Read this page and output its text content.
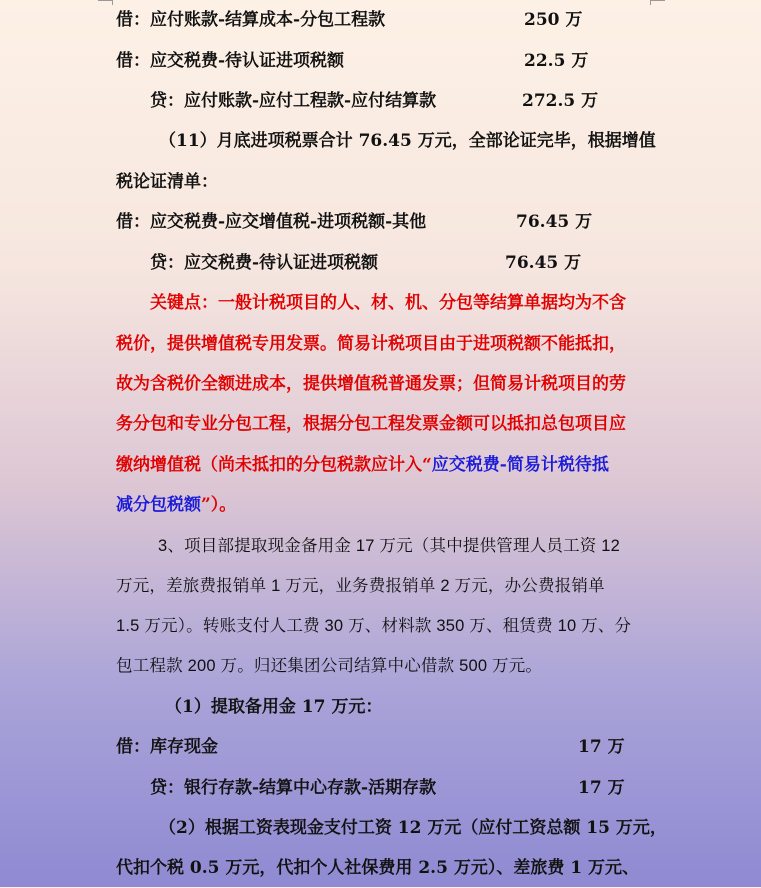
借：应付账款-结算成本-分包工程款	250 万
借：应交税费-待认证进项税额	22.5 万
贷：应付账款-应付工程款-应付结算款	272.5 万
（11）月底进项税票合计 76.45 万元，全部论证完毕，根据增值
税论证清单：
借：应交税费-应交增值税-进项税额-其他	76.45 万
贷：应交税费-待认证进项税额	76.45 万
关键点：一般计税项目的人、材、机、分包等结算单据均为不含
税价，提供增值税专用发票。简易计税项目由于进项税额不能抵扣，
故为含税价全额进成本，提供增值税普通发票；但简易计税项目的劳
务分包和专业分包工程，根据分包工程发票金额可以抵扣总包项目应
缴纳增值税（尚未抵扣的分包税款应计入“应交税费-简易计税待抵
减分包税额”）。
3、项目部提取现金备用金 17 万元（其中提供管理人员工资 12
万元，差旅费报销单 1 万元，业务费报销单 2 万元，办公费报销单
1.5 万元）。转账支付人工费 30 万、材料款 350 万、租赁费 10 万、分
包工程款 200 万。归还集团公司结算中心借款 500 万元。
（1）提取备用金 17 万元：
借：库存现金	17 万
贷：银行存款-结算中心存款-活期存款	17 万
（2）根据工资表现金支付工资 12 万元（应付工资总额 15 万元，
代扣个税 0.5 万元，代扣个人社保费用 2.5 万元）、差旅费 1 万元、
